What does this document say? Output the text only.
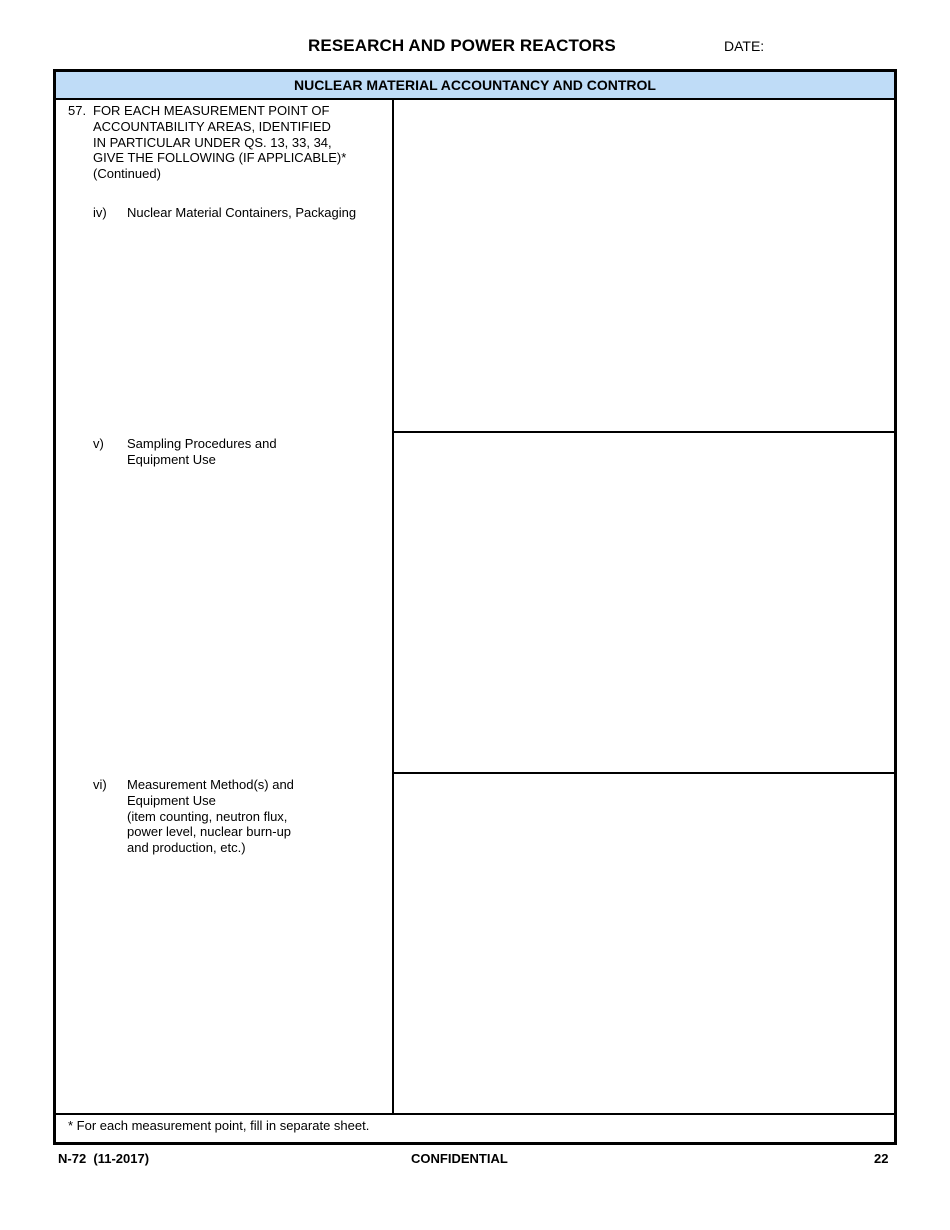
RESEARCH AND POWER REACTORS	DATE:
NUCLEAR MATERIAL ACCOUNTANCY AND CONTROL
57. FOR EACH MEASUREMENT POINT OF
ACCOUNTABILITY AREAS, IDENTIFIED
IN PARTICULAR UNDER QS. 13, 33, 34,
GIVE THE FOLLOWING (IF APPLICABLE)*
(Continued)
iv) Nuclear Material Containers, Packaging
v) Sampling Procedures and
Equipment Use
vi) Measurement Method(s) and
Equipment Use
(item counting, neutron flux,
power level, nuclear burn-up
and production, etc.)
* For each measurement point, fill in separate sheet.
N-72  (11-2017)	CONFIDENTIAL	22
